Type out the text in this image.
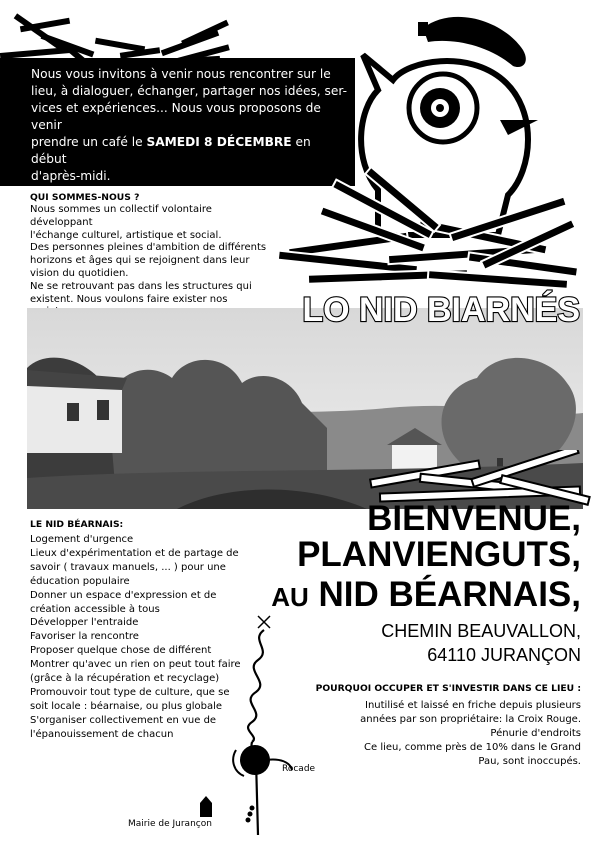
Nous vous invitons à venir nous rencontrer sur le
lieu, à dialoguer, échanger, partager nos idées, ser-
vices et expériences... Nous vous proposons de venir
prendre un café le SAMEDI 8 DÉCEMBRE en début
d'après-midi.
QUI SOMMES-NOUS ?
Nous sommes un collectif volontaire développant
l'échange culturel, artistique et social.
Des personnes pleines d'ambition de différents
horizons et âges qui se rejoignent dans leur
vision du quotidien.
Ne se retrouvant pas dans les structures qui
existent. Nous voulons faire exister nos	LO NID BIARNÉS
BIENVENUE,
PLANVIENGUTS,
AU NID BÉARNAIS,
CHEMIN BEAUVALLON,
64110 JURANÇON
POURQUOI OCCUPER ET S'INVESTIR DANS CE LIEU :
Inutilisé et laissé en friche depuis plusieurs
années par son propriétaire: la Croix Rouge.
Pénurie d'endroits
Ce lieu, comme près de 10% dans le Grand
Pau, sont inoccupés.
LE NID BÉARNAIS:
Logement d'urgence
Lieux d'expérimentation et de partage de
savoir ( travaux manuels, ... ) pour une
éducation populaire
Donner un espace d'expression et de
création accessible à tous
Développer l'entraide
Favoriser la rencontre
Proposer quelque chose de différent
Montrer qu'avec un rien on peut tout faire
(grâce à la récupération et recyclage)
Promouvoir tout type de culture, que se
soit locale : béarnaise, ou plus globale
S'organiser collectivement en vue de
l'épanouissement de chacun
Rocade
Mairie de Jurançon
